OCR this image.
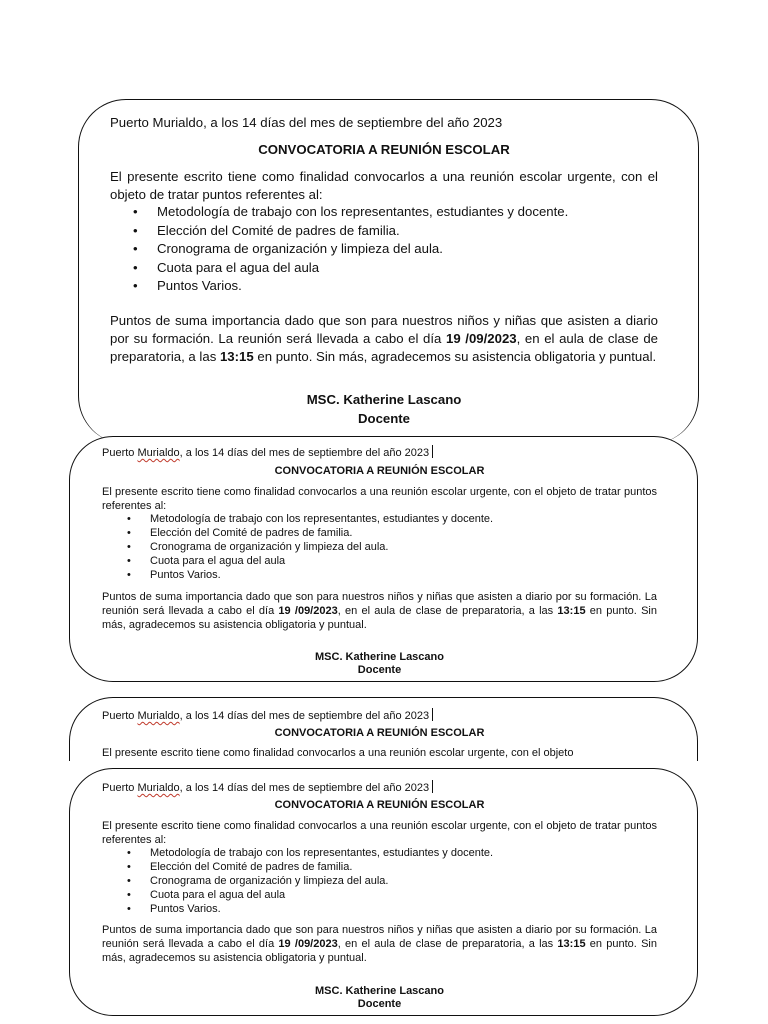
Puerto Murialdo, a los 14 días del mes de septiembre del año 2023

CONVOCATORIA A REUNIÓN ESCOLAR

El presente escrito tiene como finalidad convocarlos a una reunión escolar urgente, con el objeto de tratar puntos referentes al:

• Metodología de trabajo con los representantes, estudiantes y docente.
• Elección del Comité de padres de familia.
• Cronograma de organización y limpieza del aula.
• Cuota para el agua del aula
• Puntos Varios.

Puntos de suma importancia dado que son para nuestros niños y niñas que asisten a diario por su formación. La reunión será llevada a cabo el día 19 /09/2023, en el aula de clase de preparatoria, a las 13:15 en punto. Sin más, agradecemos su asistencia obligatoria y puntual.

MSC. Katherine Lascano

Docente

Puerto Murialdo, a los 14 días del mes de septiembre del año 2023

CONVOCATORIA A REUNIÓN ESCOLAR

El presente escrito tiene como finalidad convocarlos a una reunión escolar urgente, con el objeto de tratar puntos referentes al:

• Metodología de trabajo con los representantes, estudiantes y docente.
• Elección del Comité de padres de familia.
• Cronograma de organización y limpieza del aula.
• Cuota para el agua del aula
• Puntos Varios.

Puntos de suma importancia dado que son para nuestros niños y niñas que asisten a diario por su formación. La reunión será llevada a cabo el día 19 /09/2023, en el aula de clase de preparatoria, a las 13:15 en punto. Sin más, agradecemos su asistencia obligatoria y puntual.

MSC. Katherine Lascano

Docente

Puerto Murialdo, a los 14 días del mes de septiembre del año 2023

CONVOCATORIA A REUNIÓN ESCOLAR

El presente escrito tiene como finalidad convocarlos a una reunión escolar urgente, con el objeto

Puerto Murialdo, a los 14 días del mes de septiembre del año 2023

CONVOCATORIA A REUNIÓN ESCOLAR

El presente escrito tiene como finalidad convocarlos a una reunión escolar urgente, con el objeto de tratar puntos referentes al:

• Metodología de trabajo con los representantes, estudiantes y docente.
• Elección del Comité de padres de familia.
• Cronograma de organización y limpieza del aula.
• Cuota para el agua del aula
• Puntos Varios.

Puntos de suma importancia dado que son para nuestros niños y niñas que asisten a diario por su formación. La reunión será llevada a cabo el día 19 /09/2023, en el aula de clase de preparatoria, a las 13:15 en punto. Sin más, agradecemos su asistencia obligatoria y puntual.

MSC. Katherine Lascano

Docente
